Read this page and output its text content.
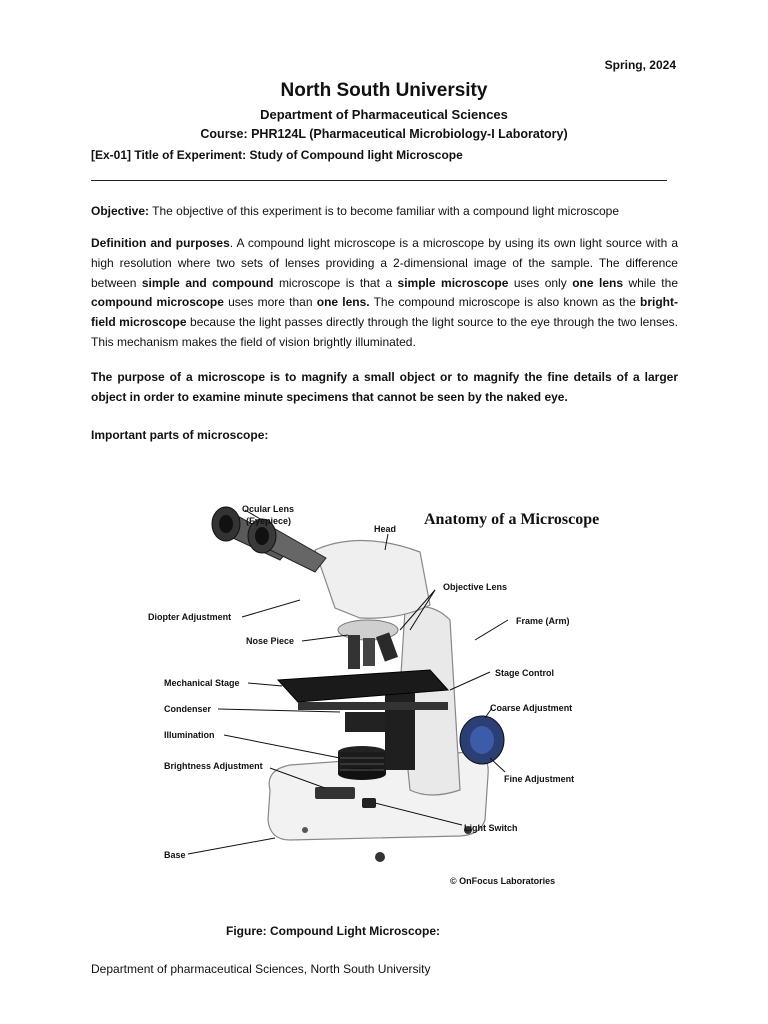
Spring, 2024
North South University
Department of Pharmaceutical Sciences
Course: PHR124L (Pharmaceutical Microbiology-I Laboratory)
[Ex-01] Title of Experiment: Study of Compound light Microscope
Objective: The objective of this experiment is to become familiar with a compound light microscope
Definition and purposes. A compound light microscope is a microscope by using its own light source with a high resolution where two sets of lenses providing a 2-dimensional image of the sample. The difference between simple and compound microscope is that a simple microscope uses only one lens while the compound microscope uses more than one lens. The compound microscope is also known as the bright-field microscope because the light passes directly through the light source to the eye through the two lenses. This mechanism makes the field of vision brightly illuminated.
The purpose of a microscope is to magnify a small object or to magnify the fine details of a larger object in order to examine minute specimens that cannot be seen by the naked eye.
Important parts of microscope:
Anatomy of a Microscope
Ocular Lens
(Eyepiece)
Head
Objective Lens
Diopter Adjustment	Frame (Arm)
Nose Piece
Stage Control
Mechanical Stage
Coarse Adjustment
Condenser
Illumination
Brightness Adjustment
Fine Adjustment
Light Switch
Base
© OnFocus Laboratories
Figure: Compound Light Microscope:
Department of pharmaceutical Sciences, North South University
